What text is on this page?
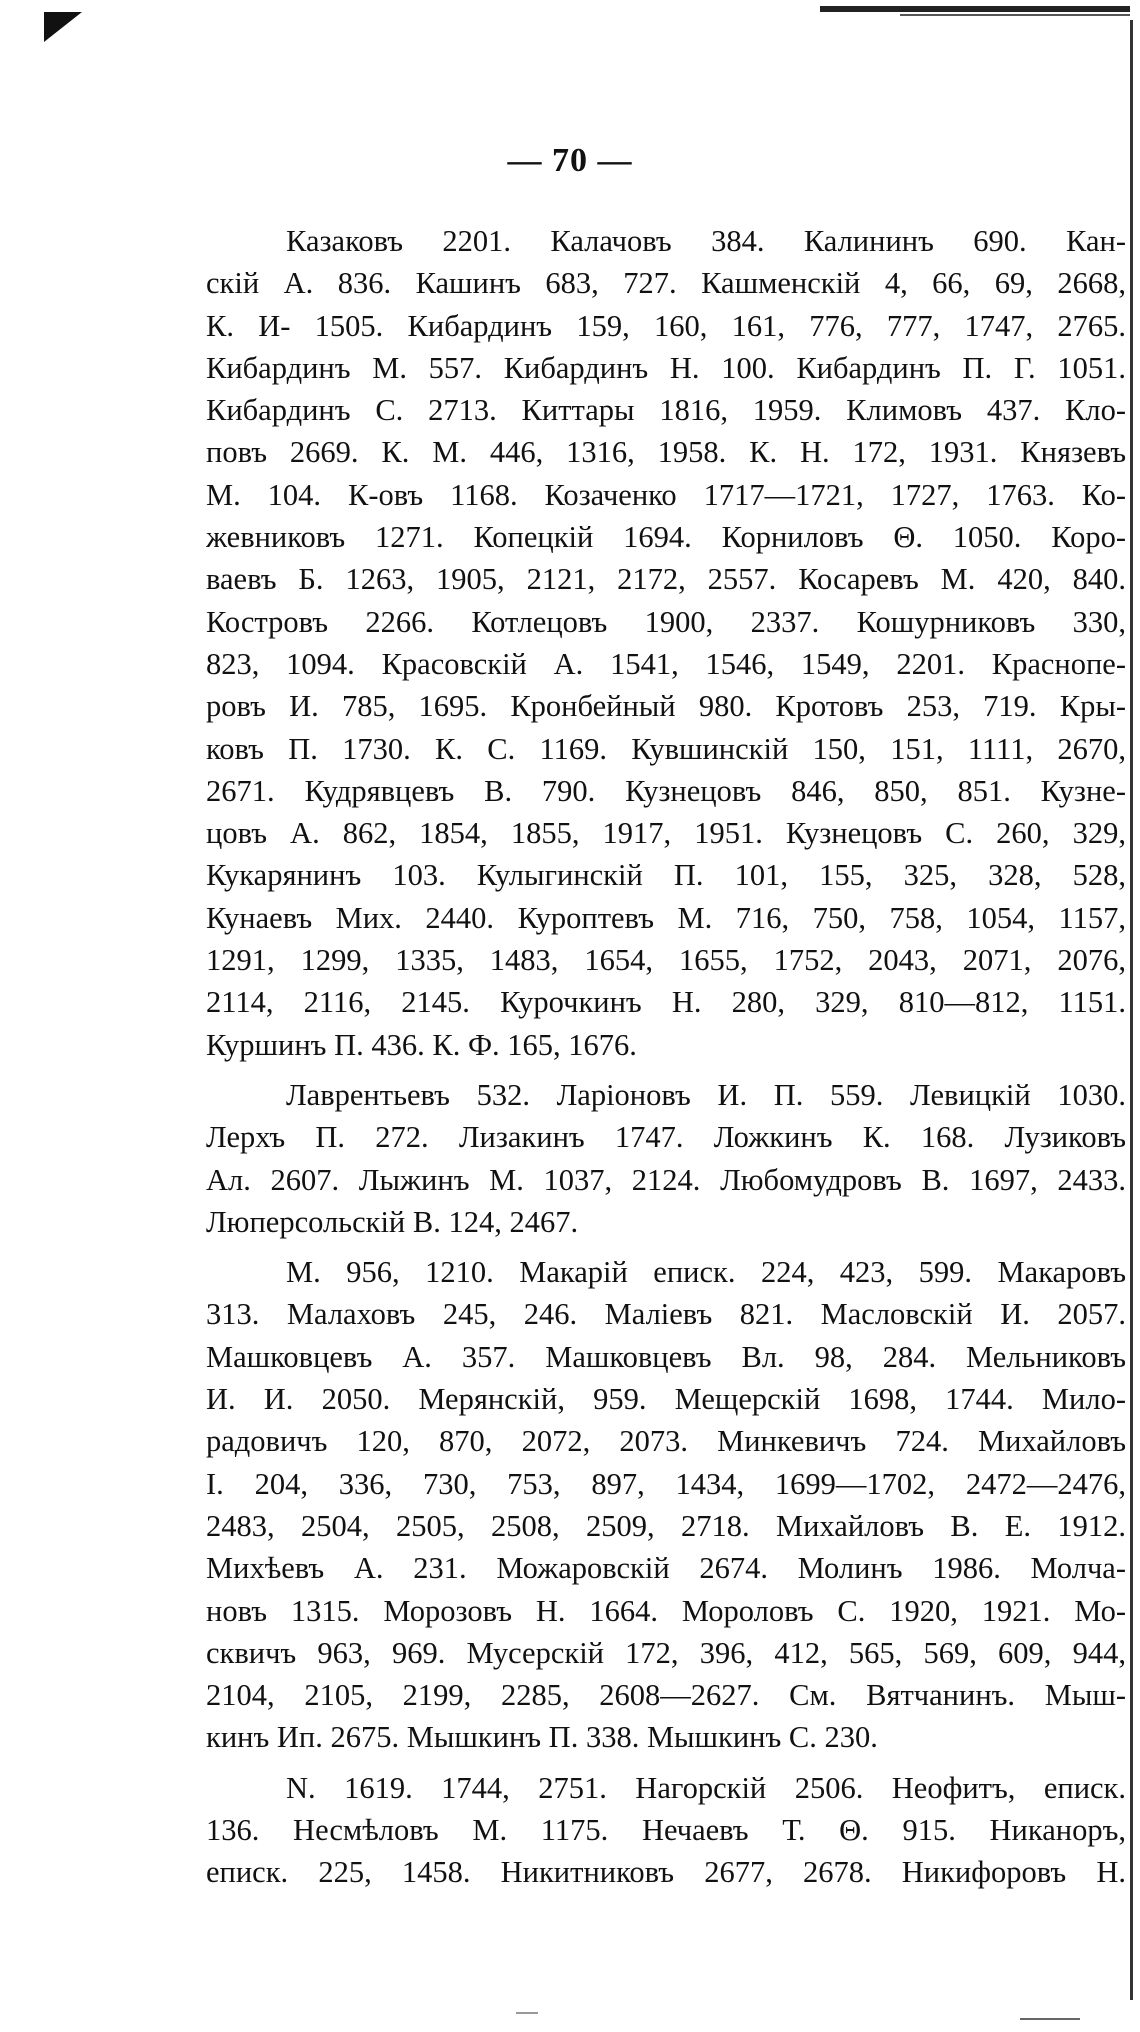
— 70 —
Казаковъ 2201. Калачовъ 384. Калининъ 690. Кан-
скій А. 836. Кашинъ 683, 727. Кашменскій 4, 66, 69, 2668,
К. И- 1505. Кибардинъ 159, 160, 161, 776, 777, 1747, 2765.
Кибардинъ М. 557. Кибардинъ Н. 100. Кибардинъ П. Г. 1051.
Кибардинъ С. 2713. Киттары 1816, 1959. Климовъ 437. Кло-
повъ 2669. К. М. 446, 1316, 1958. К. Н. 172, 1931. Князевъ
М. 104. К-овъ 1168. Козаченко 1717—1721, 1727, 1763. Ко-
жевниковъ 1271. Копецкій 1694. Корниловъ Θ. 1050. Коро-
ваевъ Б. 1263, 1905, 2121, 2172, 2557. Косаревъ М. 420, 840.
Костровъ 2266. Котлецовъ 1900, 2337. Кошурниковъ 330,
823, 1094. Красовскій А. 1541, 1546, 1549, 2201. Краснопе-
ровъ И. 785, 1695. Кронбейный 980. Кротовъ 253, 719. Кры-
ковъ П. 1730. К. С. 1169. Кувшинскій 150, 151, 1111, 2670,
2671. Кудрявцевъ В. 790. Кузнецовъ 846, 850, 851. Кузне-
цовъ А. 862, 1854, 1855, 1917, 1951. Кузнецовъ С. 260, 329,
Кукарянинъ 103. Кулыгинскій П. 101, 155, 325, 328, 528,
Кунаевъ Мих. 2440. Куроптевъ М. 716, 750, 758, 1054, 1157,
1291, 1299, 1335, 1483, 1654, 1655, 1752, 2043, 2071, 2076,
2114, 2116, 2145. Курочкинъ Н. 280, 329, 810—812, 1151.
Куршинъ П. 436. К. Ф. 165, 1676.
Лаврентьевъ 532. Ларіоновъ И. П. 559. Левицкій 1030.
Лерхъ П. 272. Лизакинъ 1747. Ложкинъ К. 168. Лузиковъ
Ал. 2607. Лыжинъ М. 1037, 2124. Любомудровъ В. 1697, 2433.
Люперсольскій В. 124, 2467.
М. 956, 1210. Макарій еписк. 224, 423, 599. Макаровъ
313. Малаховъ 245, 246. Маліевъ 821. Масловскій И. 2057.
Машковцевъ А. 357. Машковцевъ Вл. 98, 284. Мельниковъ
И. И. 2050. Мерянскій, 959. Мещерскій 1698, 1744. Мило-
радовичъ 120, 870, 2072, 2073. Минкевичъ 724. Михайловъ
І. 204, 336, 730, 753, 897, 1434, 1699—1702, 2472—2476,
2483, 2504, 2505, 2508, 2509, 2718. Михайловъ В. Е. 1912.
Михѣевъ А. 231. Можаровскій 2674. Молинъ 1986. Молча-
новъ 1315. Морозовъ Н. 1664. Мороловъ С. 1920, 1921. Мо-
сквичъ 963, 969. Мусерскій 172, 396, 412, 565, 569, 609, 944,
2104, 2105, 2199, 2285, 2608—2627. См. Вятчанинъ. Мыш-
кинъ Ип. 2675. Мышкинъ П. 338. Мышкинъ С. 230.
N. 1619. 1744, 2751. Нагорскій 2506. Неофитъ, еписк.
136. Несмѣловъ М. 1175. Нечаевъ Т. Θ. 915. Никаноръ,
еписк. 225, 1458. Никитниковъ 2677, 2678. Никифоровъ Н.
